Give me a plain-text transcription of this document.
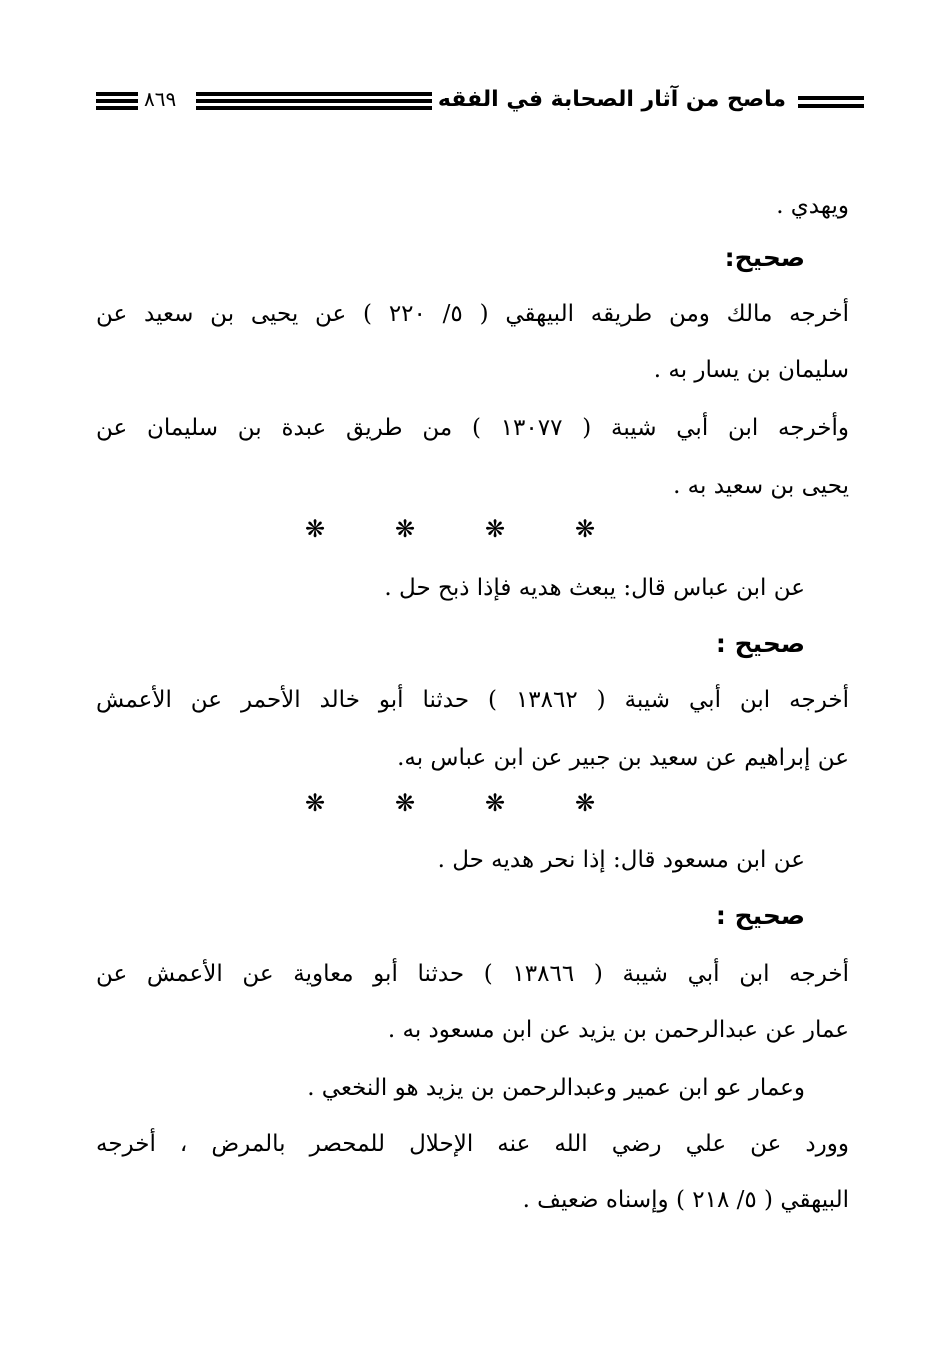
ماصح من آثار الصحابة في الفقه
٨٦٩
ويهدي .
صحيح:
أخرجه مالك ومن طريقه البيهقي ( ٥/ ٢٢٠ ) عن يحيى بن سعيد عن
سليمان بن يسار به .
وأخرجه ابن أبي شيبة ( ١٣٠٧٧ ) من طريق عبدة بن سليمان عن
يحيى بن سعيد به .
❋	❋	❋	❋
عن ابن عباس قال: يبعث هديه فإذا ذبح حل .
صحيح :
أخرجه ابن أبي شيبة ( ١٣٨٦٢ ) حدثنا أبو خالد الأحمر عن الأعمش
عن إبراهيم عن سعيد بن جبير عن ابن عباس به.
❋	❋	❋	❋
عن ابن مسعود قال: إذا نحر هديه حل .
صحيح :
أخرجه ابن أبي شيبة ( ١٣٨٦٦ ) حدثنا أبو معاوية عن الأعمش عن
عمار عن عبدالرحمن بن يزيد عن ابن مسعود به .
وعمار عو ابن عمير وعبدالرحمن بن يزيد هو النخعي .
وورد عن علي رضي الله عنه الإحلال للمحصر بالمرض ، أخرجه
البيهقي ( ٥/ ٢١٨ ) وإسناه ضعيف .
